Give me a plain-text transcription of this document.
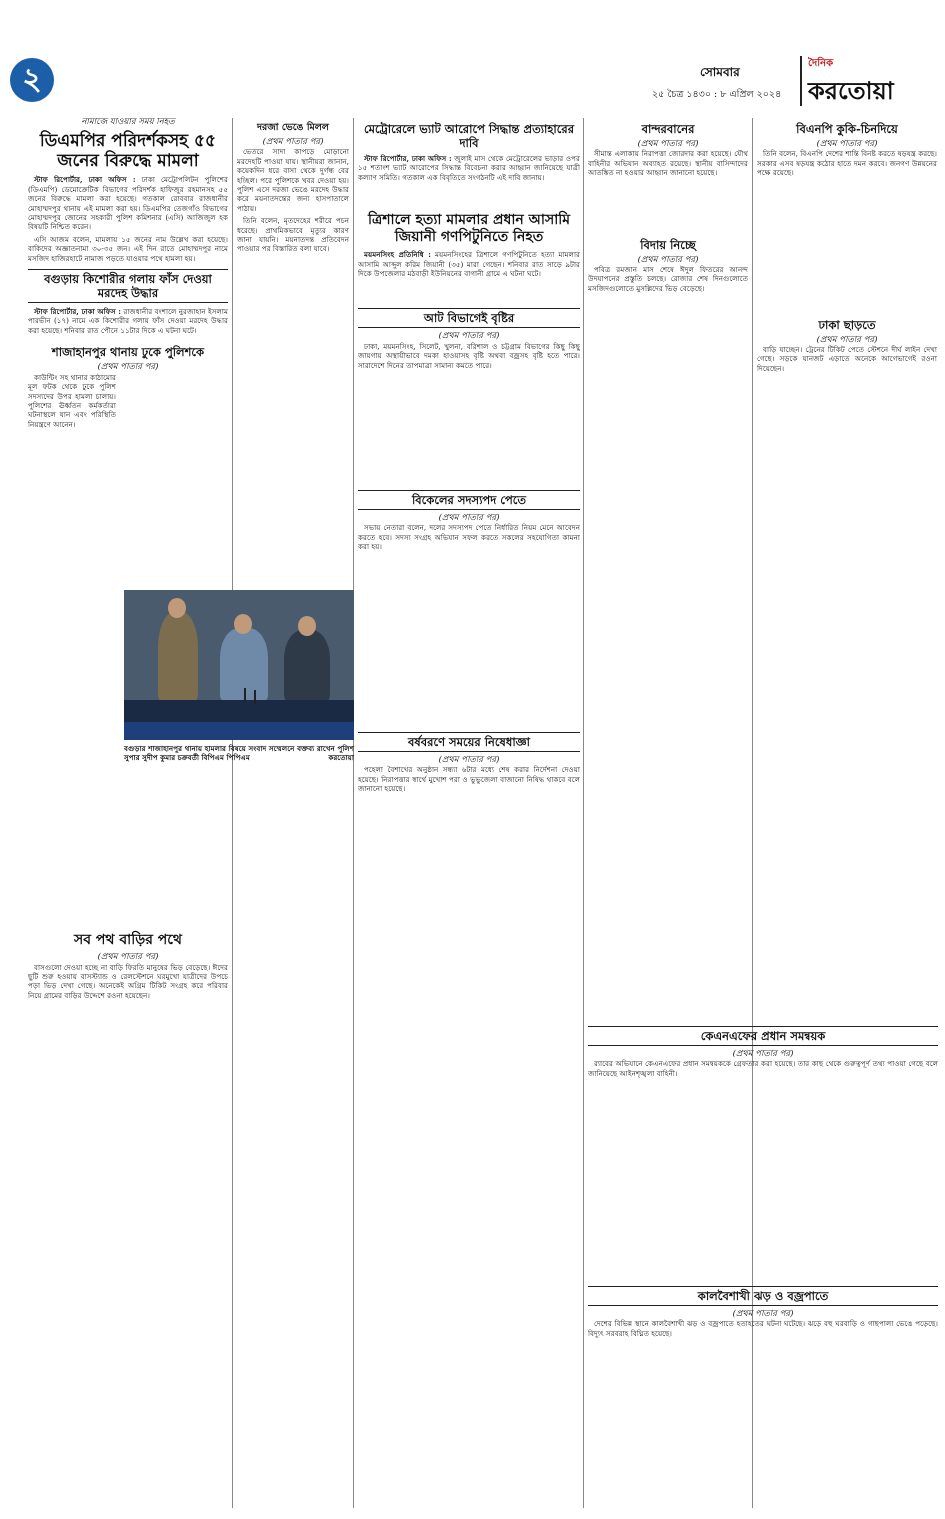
২	সোমবার
২৫ চৈত্র ১৪৩০ : ৮ এপ্রিল ২০২৪
দৈনিক
করতোয়া
নামাজে যাওয়ার সময় নিহত
ডিএমপির পরিদর্শকসহ ৫৫ জনের বিরুদ্ধে মামলা

স্টাফ রিপোর্টার, ঢাকা অফিস : ঢাকা মেট্রোপলিটন পুলিশের (ডিএমপি) ডেমোক্রেটিক বিভাগের পরিদর্শক হাফিজুর রহমানসহ ৫৫ জনের বিরুদ্ধে মামলা করা হয়েছে। গতকাল রোববার রাজধানীর মোহাম্মদপুর থানায় এই মামলা করা হয়। ডিএমপির তেজগাঁও বিভাগের মোহাম্মদপুর জোনের সহকারী পুলিশ কমিশনার (এসি) আজিজুল হক বিষয়টি নিশ্চিত করেন।

এসি আজম বলেন, মামলায় ১৫ জনের নাম উল্লেখ করা হয়েছে। বাকিদের অজ্ঞাতনামা ৩০-৩৫ জন। এই দিন রাতে মোহাম্মদপুর নামে মসজিদ হাজিরহাটে নামাজ পড়তে যাওয়ার পথে হামলা হয়।

বগুড়ায় কিশোরীর গলায় ফাঁস দেওয়া মরদেহ উদ্ধার

স্টাফ রিপোর্টার, ঢাকা অফিস : রাজধানীর বংশালে নুরজাহান ইসলাম পারভীন (১৭) নামে এক কিশোরীর গলায় ফাঁস দেওয়া মরদেহ উদ্ধার করা হয়েছে। শনিবার রাত পৌনে ১১টার দিকে এ ঘটনা ঘটে।

শাজাহানপুর থানায় ঢুকে পুলিশকে
(প্রথম পাতার পর)

কাউন্টিং সহ থানার কাঠামোর মূল ফটক থেকে ঢুকে পুলিশ সদস্যদের উপর হামলা চালায়। পুলিশের ঊর্ধ্বতন কর্মকর্তারা ঘটনাস্থলে যান এবং পরিস্থিতি নিয়ন্ত্রণে আনেন।

সব পথ বাড়ির পথে
(প্রথম পাতার পর)

বাসগুলো দেওয়া হচ্ছে না বাড়ি ফিরতি মানুষের ভিড় বেড়েছে। ঈদের ছুটি শুরু হওয়ায় বাসস্ট্যান্ড ও রেলস্টেশনে ঘরমুখো যাত্রীদের উপচে পড়া ভিড় দেখা গেছে। অনেকেই অগ্রিম টিকিট সংগ্রহ করে পরিবার নিয়ে গ্রামের বাড়ির উদ্দেশে রওনা হয়েছেন।

দরজা ভেঙে মিলল
(প্রথম পাতার পর)

ভেতরে সাদা কাপড়ে মোড়ানো মরদেহটি পাওয়া যায়। স্থানীয়রা জানান, কয়েকদিন ধরে বাসা থেকে দুর্গন্ধ বের হচ্ছিল। পরে পুলিশকে খবর দেওয়া হয়। পুলিশ এসে দরজা ভেঙে মরদেহ উদ্ধার করে ময়নাতদন্তের জন্য হাসপাতালে পাঠায়।

তিনি বলেন, মৃতদেহের শরীরে পচন ধরেছে। প্রাথমিকভাবে মৃত্যুর কারণ জানা যায়নি। ময়নাতদন্ত প্রতিবেদন পাওয়ার পর বিস্তারিত বলা যাবে।

বগুড়ার শাজাহানপুর থানায় হামলার বিষয়ে সংবাদ সম্মেলনে বক্তব্য রাখেন পুলিশ সুপার সুদীপ কুমার চক্রবর্তী বিপিএম পিপিএম	করতোয়া
মেট্রোরেলে ভ্যাট আরোপে সিদ্ধান্ত প্রত্যাহারের দাবি

স্টাফ রিপোর্টার, ঢাকা অফিস : জুলাই মাস থেকে মেট্রোরেলের ভাড়ার ওপর ১৫ শতাংশ ভ্যাট আরোপের সিদ্ধান্ত বিবেচনা করার আহ্বান জানিয়েছে যাত্রী কল্যাণ সমিতি। গতকাল এক বিবৃতিতে সংগঠনটি এই দাবি জানায়।

ত্রিশালে হত্যা মামলার প্রধান আসামি জিয়ানী গণপিটুনিতে নিহত

ময়মনসিংহ প্রতিনিধি : ময়মনসিংহের ত্রিশালে গণপিটুনিতে হত্যা মামলার আসামি আব্দুল করিম জিয়ানী (৩৫) মারা গেছেন। শনিবার রাত সাড়ে ৯টার দিকে উপজেলার মঠবাড়ী ইউনিয়নের বাগানী গ্রামে এ ঘটনা ঘটে।

আট বিভাগেই বৃষ্টির
(প্রথম পাতার পর)

ঢাকা, ময়মনসিংহ, সিলেট, খুলনা, বরিশাল ও চট্টগ্রাম বিভাগের কিছু কিছু জায়গায় অস্থায়ীভাবে দমকা হাওয়াসহ বৃষ্টি অথবা বজ্রসহ বৃষ্টি হতে পারে। সারাদেশে দিনের তাপমাত্রা সামান্য কমতে পারে।

বিকেলের সদস্যপদ পেতে
(প্রথম পাতার পর)

সভায় নেতারা বলেন, দলের সদস্যপদ পেতে নির্ধারিত নিয়ম মেনে আবেদন করতে হবে। সদস্য সংগ্রহ অভিযান সফল করতে সকলের সহযোগিতা কামনা করা হয়।

বর্ষবরণে সময়ের নিষেধাজ্ঞা
(প্রথম পাতার পর)

পহেলা বৈশাখের অনুষ্ঠান সন্ধ্যা ৬টার মধ্যে শেষ করার নির্দেশনা দেওয়া হয়েছে। নিরাপত্তার স্বার্থে মুখোশ পরা ও ভুভুজেলা বাজানো নিষিদ্ধ থাকবে বলে জানানো হয়েছে।

বান্দরবানের
(প্রথম পাতার পর)

সীমান্ত এলাকায় নিরাপত্তা জোরদার করা হয়েছে। যৌথ বাহিনীর অভিযান অব্যাহত রয়েছে। স্থানীয় বাসিন্দাদের আতঙ্কিত না হওয়ার আহ্বান জানানো হয়েছে।

বিদায় নিচ্ছে
(প্রথম পাতার পর)

পবিত্র রমজান মাস শেষে ঈদুল ফিতরের আনন্দ উদযাপনের প্রস্তুতি চলছে। রোজার শেষ দিনগুলোতে মসজিদগুলোতে মুসল্লিদের ভিড় বেড়েছে।

বিএনপি কুকি-চিনদিয়ে
(প্রথম পাতার পর)

তিনি বলেন, বিএনপি দেশের শান্তি বিনষ্ট করতে ষড়যন্ত্র করছে। সরকার এসব ষড়যন্ত্র কঠোর হাতে দমন করবে। জনগণ উন্নয়নের পক্ষে রয়েছে।

ঢাকা ছাড়তে
(প্রথম পাতার পর)

বাড়ি যাচ্ছেন। ট্রেনের টিকিট পেতে স্টেশনে দীর্ঘ লাইন দেখা গেছে। সড়কে যানজট এড়াতে অনেকে আগেভাগেই রওনা দিয়েছেন।

কেএনএফের প্রধান সমন্বয়ক
(প্রথম পাতার পর)

র‌্যাবের অভিযানে কেএনএফের প্রধান সমন্বয়ককে গ্রেফতার করা হয়েছে। তার কাছ থেকে গুরুত্বপূর্ণ তথ্য পাওয়া গেছে বলে জানিয়েছে আইনশৃঙ্খলা বাহিনী।

কালবৈশাখী ঝড় ও বজ্রপাতে
(প্রথম পাতার পর)

দেশের বিভিন্ন স্থানে কালবৈশাখী ঝড় ও বজ্রপাতে হতাহতের ঘটনা ঘটেছে। ঝড়ে বহু ঘরবাড়ি ও গাছপালা ভেঙে পড়েছে। বিদ্যুৎ সরবরাহ বিঘ্নিত হয়েছে।
